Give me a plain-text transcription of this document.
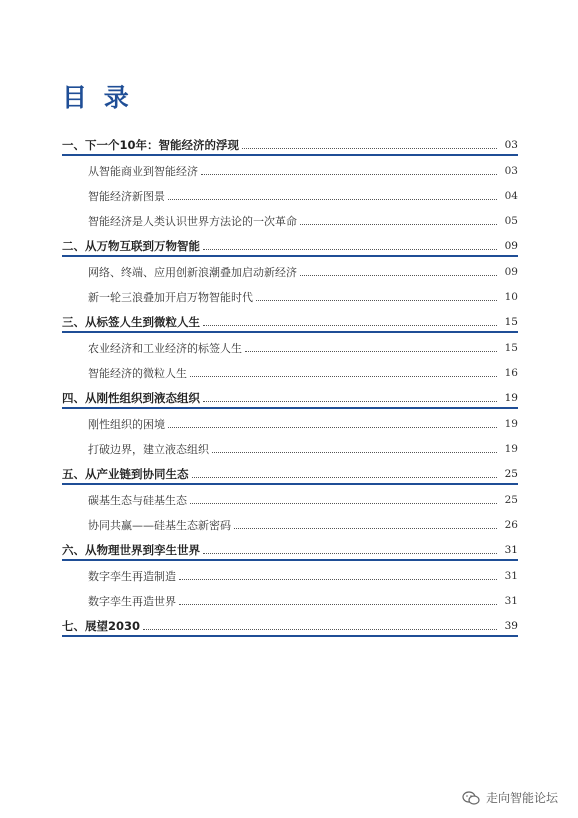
目 录
一、下一个10年：智能经济的浮现	03
从智能商业到智能经济	03
智能经济新图景	04
智能经济是人类认识世界方法论的一次革命	05
二、从万物互联到万物智能	09
网络、终端、应用创新浪潮叠加启动新经济	09
新一轮三浪叠加开启万物智能时代	10
三、从标签人生到微粒人生	15
农业经济和工业经济的标签人生	15
智能经济的微粒人生	16
四、从刚性组织到液态组织	19
刚性组织的困境	19
打破边界，建立液态组织	19
五、从产业链到协同生态	25
碳基生态与硅基生态	25
协同共赢——硅基生态新密码	26
六、从物理世界到孪生世界	31
数字孪生再造制造	31
数字孪生再造世界	31
七、展望2030	39
走向智能论坛
